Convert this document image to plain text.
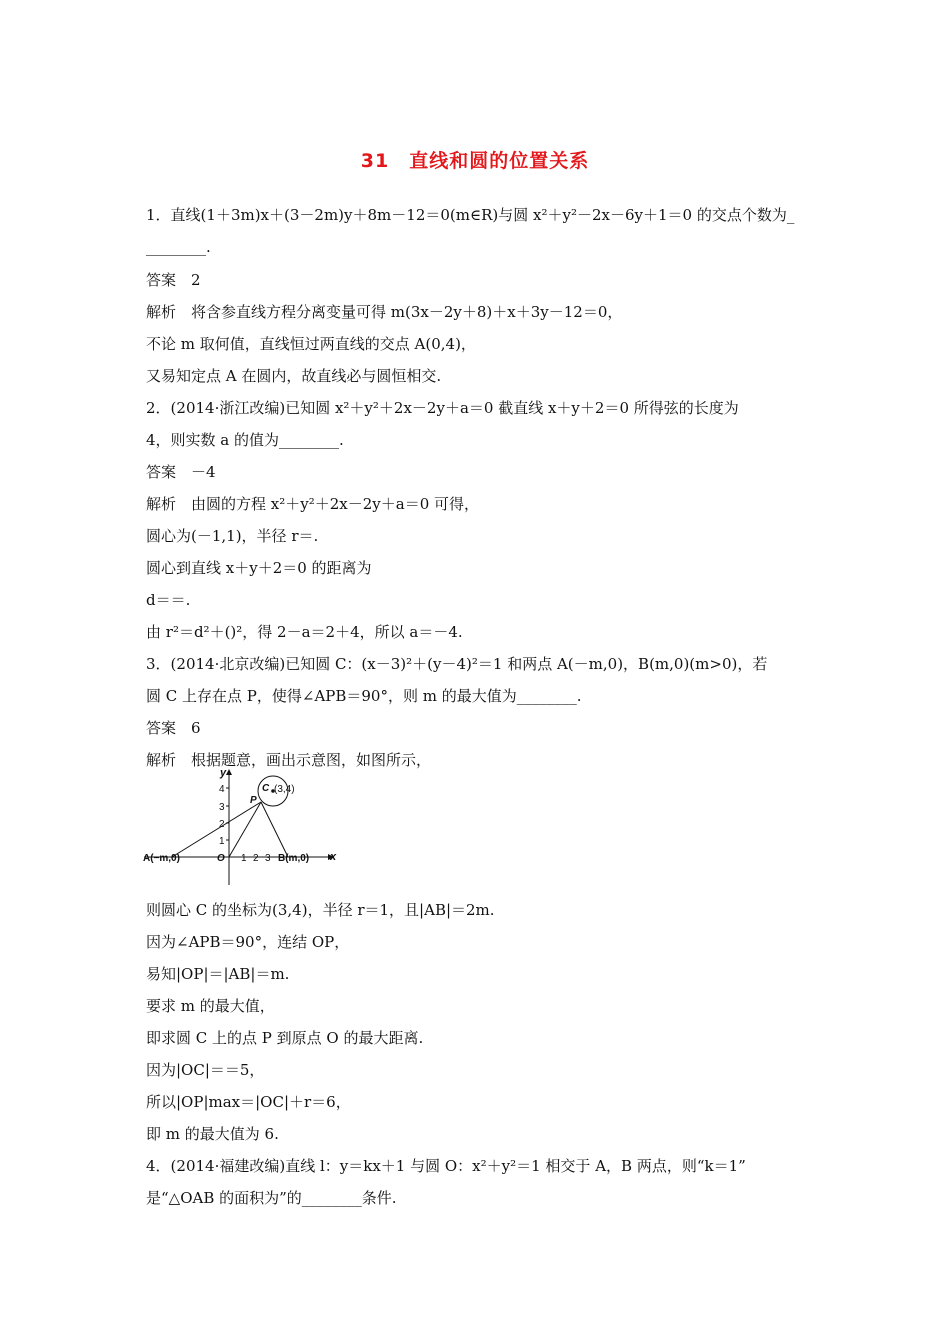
31　直线和圆的位置关系
1．直线(1＋3m)x＋(3－2m)y＋8m－12＝0(m∈R)与圆 x²＋y²－2x－6y＋1＝0 的交点个数为_
________.
答案　2
解析　将含参直线方程分离变量可得 m(3x－2y＋8)＋x＋3y－12＝0，
不论 m 取何值，直线恒过两直线的交点 A(0,4)，
又易知定点 A 在圆内，故直线必与圆恒相交.
2．(2014·浙江改编)已知圆 x²＋y²＋2x－2y＋a＝0 截直线 x＋y＋2＝0 所得弦的长度为
4，则实数 a 的值为________.
答案　－4
解析　由圆的方程 x²＋y²＋2x－2y＋a＝0 可得，
圆心为(－1,1)，半径 r＝.
圆心到直线 x＋y＋2＝0 的距离为
d＝＝.
由 r²＝d²＋()²，得 2－a＝2＋4，所以 a＝－4.
3．(2014·北京改编)已知圆 C：(x－3)²＋(y－4)²＝1 和两点 A(－m,0)，B(m,0)(m>0)，若
圆 C 上存在点 P，使得∠APB＝90°，则 m 的最大值为________.
答案　6
解析　根据题意，画出示意图，如图所示，
则圆心 C 的坐标为(3,4)，半径 r＝1，且|AB|＝2m.
因为∠APB＝90°，连结 OP，
易知|OP|＝|AB|＝m.
要求 m 的最大值，
即求圆 C 上的点 P 到原点 O 的最大距离.
因为|OC|＝＝5，
所以|OP|max＝|OC|＋r＝6，
即 m 的最大值为 6.
4．(2014·福建改编)直线 l：y＝kx＋1 与圆 O：x²＋y²＝1 相交于 A，B 两点，则“k＝1”
是“△OAB 的面积为”的________条件.
y
x
4
3
2
1
O 1 2 3
A(−m,0)	B(m,0)
P
C (3,4)
